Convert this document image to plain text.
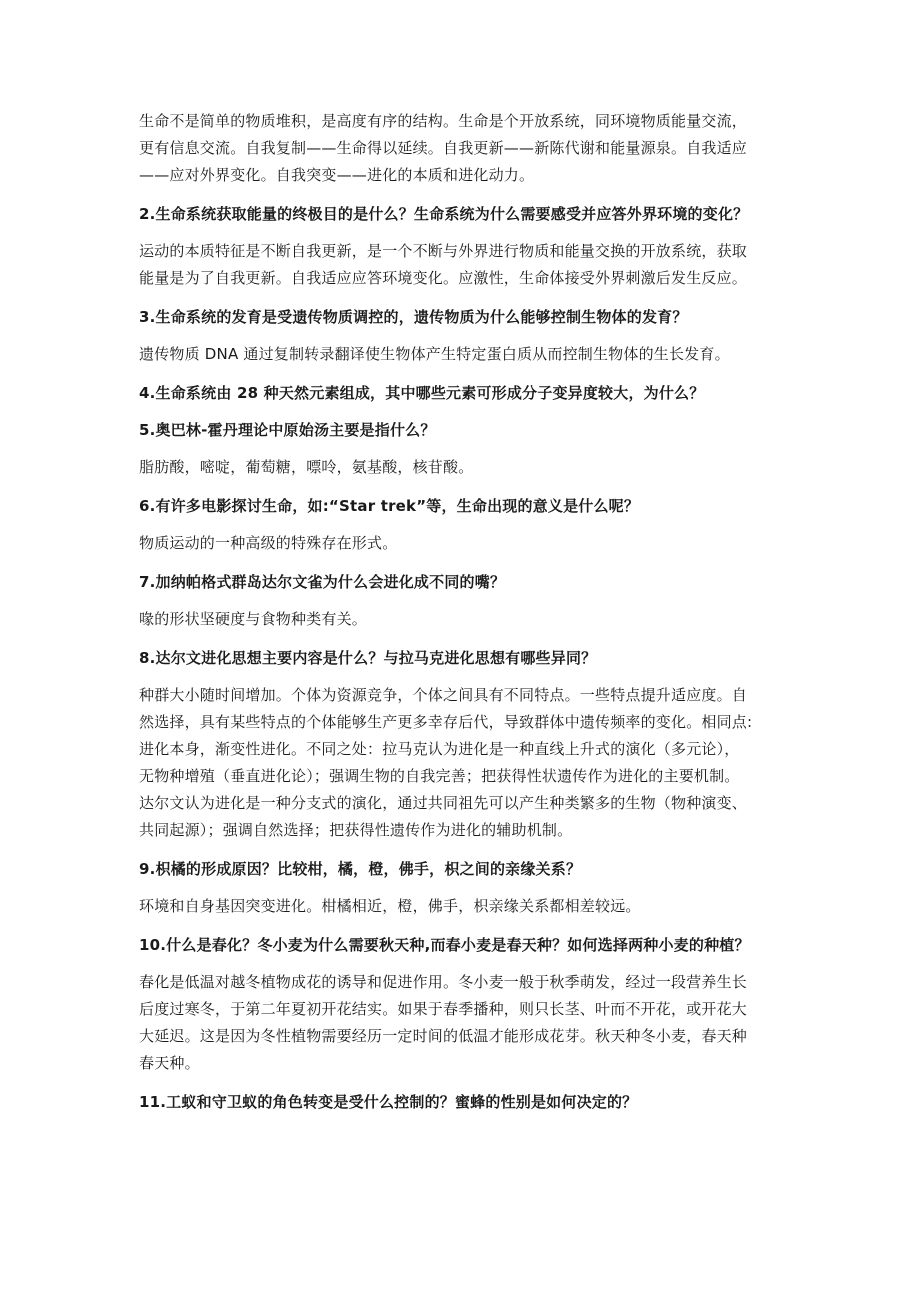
生命不是简单的物质堆积，是高度有序的结构。生命是个开放系统，同环境物质能量交流，
更有信息交流。自我复制——生命得以延续。自我更新——新陈代谢和能量源泉。自我适应
——应对外界变化。自我突变——进化的本质和进化动力。

2.生命系统获取能量的终极目的是什么？生命系统为什么需要感受并应答外界环境的变化？

运动的本质特征是不断自我更新，是一个不断与外界进行物质和能量交换的开放系统，获取
能量是为了自我更新。自我适应应答环境变化。应激性，生命体接受外界刺激后发生反应。

3.生命系统的发育是受遗传物质调控的，遗传物质为什么能够控制生物体的发育？

遗传物质 DNA 通过复制转录翻译使生物体产生特定蛋白质从而控制生物体的生长发育。

4.生命系统由 28 种天然元素组成，其中哪些元素可形成分子变异度较大，为什么？

5.奥巴林-霍丹理论中原始汤主要是指什么？

脂肪酸，嘧啶，葡萄糖，嘌呤，氨基酸，核苷酸。

6.有许多电影探讨生命，如:“Star trek”等，生命出现的意义是什么呢？

物质运动的一种高级的特殊存在形式。

7.加纳帕格式群岛达尔文雀为什么会进化成不同的嘴？

喙的形状坚硬度与食物种类有关。

8.达尔文进化思想主要内容是什么？与拉马克进化思想有哪些异同？

种群大小随时间增加。个体为资源竞争，个体之间具有不同特点。一些特点提升适应度。自
然选择，具有某些特点的个体能够生产更多幸存后代，导致群体中遗传频率的变化。相同点:
进化本身，渐变性进化。不同之处：拉马克认为进化是一种直线上升式的演化（多元论），
无物种增殖（垂直进化论）；强调生物的自我完善；把获得性状遗传作为进化的主要机制。
达尔文认为进化是一种分支式的演化，通过共同祖先可以产生种类繁多的生物（物种演变、
共同起源）；强调自然选择；把获得性遗传作为进化的辅助机制。

9.枳橘的形成原因？比较柑，橘，橙，佛手，枳之间的亲缘关系？

环境和自身基因突变进化。柑橘相近，橙，佛手，枳亲缘关系都相差较远。

10.什么是春化？冬小麦为什么需要秋天种,而春小麦是春天种？如何选择两种小麦的种植？

春化是低温对越冬植物成花的诱导和促进作用。冬小麦一般于秋季萌发，经过一段营养生长
后度过寒冬，于第二年夏初开花结实。如果于春季播种，则只长茎、叶而不开花，或开花大
大延迟。这是因为冬性植物需要经历一定时间的低温才能形成花芽。秋天种冬小麦，春天种
春天种。

11.工蚁和守卫蚁的角色转变是受什么控制的？蜜蜂的性别是如何决定的？
